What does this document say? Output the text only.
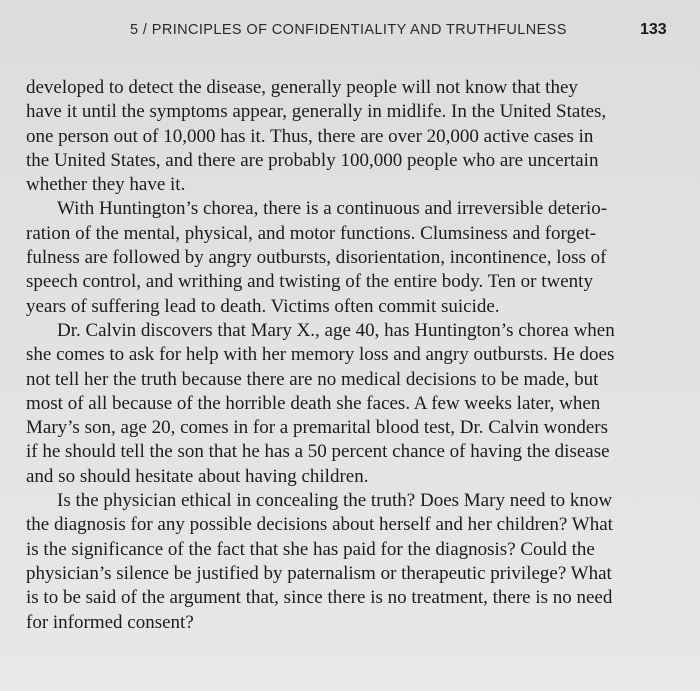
5 / PRINCIPLES OF CONFIDENTIALITY AND TRUTHFULNESS	133
developed to detect the disease, generally people will not know that they
have it until the symptoms appear, generally in midlife. In the United States,
one person out of 10,000 has it. Thus, there are over 20,000 active cases in
the United States, and there are probably 100,000 people who are uncertain
whether they have it.
With Huntington’s chorea, there is a continuous and irreversible deterio-
ration of the mental, physical, and motor functions. Clumsiness and forget-
fulness are followed by angry outbursts, disorientation, incontinence, loss of
speech control, and writhing and twisting of the entire body. Ten or twenty
years of suffering lead to death. Victims often commit suicide.
Dr. Calvin discovers that Mary X., age 40, has Huntington’s chorea when
she comes to ask for help with her memory loss and angry outbursts. He does
not tell her the truth because there are no medical decisions to be made, but
most of all because of the horrible death she faces. A few weeks later, when
Mary’s son, age 20, comes in for a premarital blood test, Dr. Calvin wonders
if he should tell the son that he has a 50 percent chance of having the disease
and so should hesitate about having children.
Is the physician ethical in concealing the truth? Does Mary need to know
the diagnosis for any possible decisions about herself and her children? What
is the significance of the fact that she has paid for the diagnosis? Could the
physician’s silence be justified by paternalism or therapeutic privilege? What
is to be said of the argument that, since there is no treatment, there is no need
for informed consent?
